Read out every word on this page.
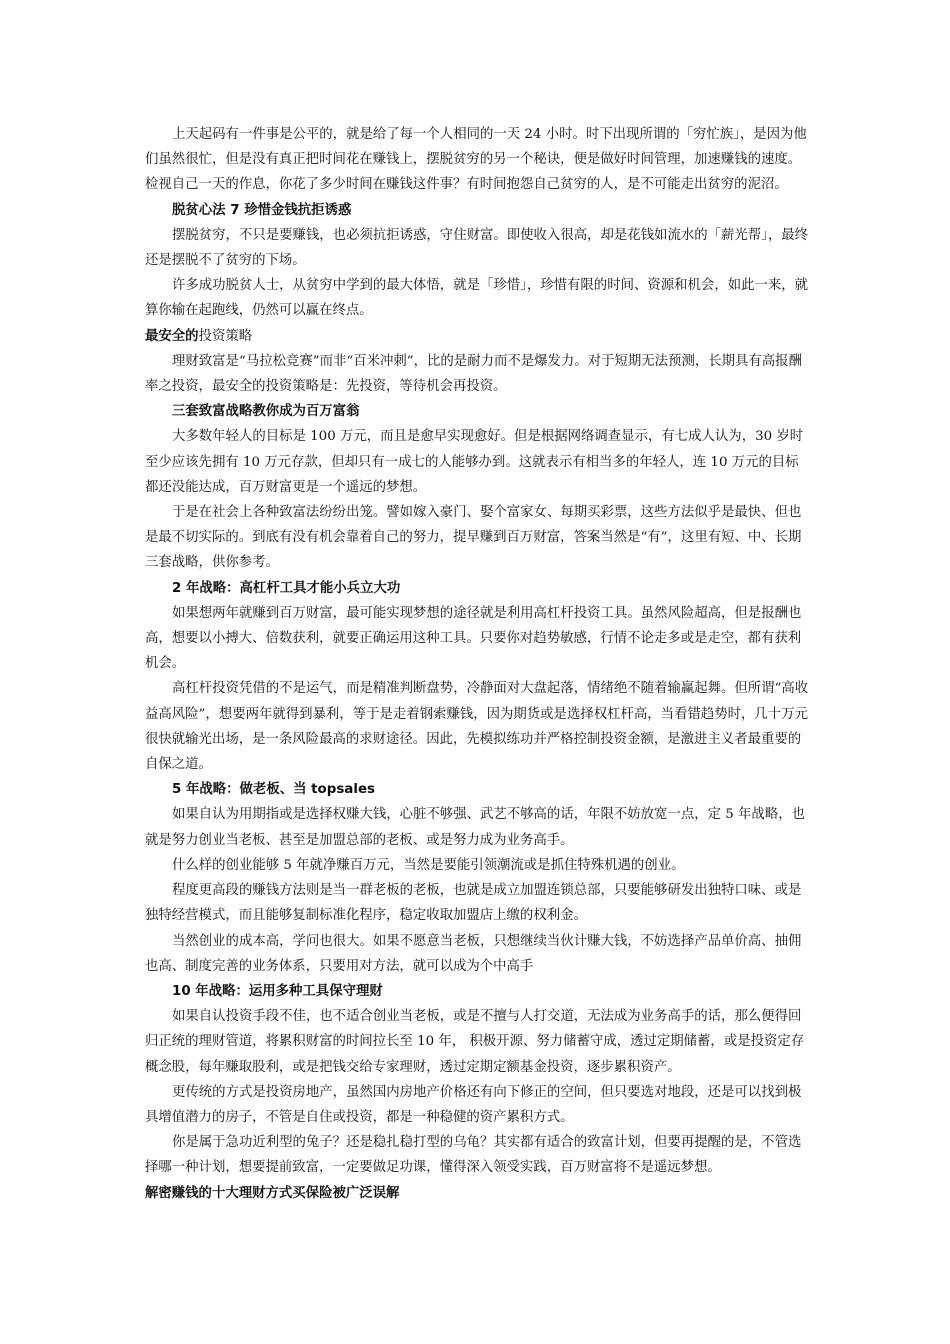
上天起码有一件事是公平的，就是给了每一个人相同的一天 24 小时。时下出现所谓的「穷忙族」，是因为他们虽然很忙，但是没有真正把时间花在赚钱上，摆脱贫穷的另一个秘诀，便是做好时间管理，加速赚钱的速度。检视自己一天的作息，你花了多少时间在赚钱这件事？有时间抱怨自己贫穷的人，是不可能走出贫穷的泥沼。

脱贫心法 7 珍惜金钱抗拒诱惑

摆脱贫穷，不只是要赚钱，也必须抗拒诱惑，守住财富。即使收入很高，却是花钱如流水的「薪光帮」，最终还是摆脱不了贫穷的下场。

许多成功脱贫人士，从贫穷中学到的最大体悟，就是「珍惜」，珍惜有限的时间、资源和机会，如此一来，就算你输在起跑线，仍然可以赢在终点。

最安全的投资策略

理财致富是“马拉松竞赛”而非“百米冲刺”，比的是耐力而不是爆发力。对于短期无法预测，长期具有高报酬率之投资，最安全的投资策略是：先投资，等待机会再投资。

三套致富战略教你成为百万富翁

大多数年轻人的目标是 100 万元，而且是愈早实现愈好。但是根据网络调查显示，有七成人认为，30 岁时至少应该先拥有 10 万元存款，但却只有一成七的人能够办到。这就表示有相当多的年轻人，连 10 万元的目标都还没能达成，百万财富更是一个遥远的梦想。

于是在社会上各种致富法纷纷出笼。譬如嫁入豪门、娶个富家女、每期买彩票，这些方法似乎是最快、但也是最不切实际的。到底有没有机会靠着自己的努力，提早赚到百万财富，答案当然是“有”，这里有短、中、长期三套战略，供你参考。

2 年战略：高杠杆工具才能小兵立大功

如果想两年就赚到百万财富，最可能实现梦想的途径就是利用高杠杆投资工具。虽然风险超高，但是报酬也高，想要以小搏大、倍数获利，就要正确运用这种工具。只要你对趋势敏感，行情不论走多或是走空，都有获利机会。

高杠杆投资凭借的不是运气，而是精准判断盘势，冷静面对大盘起落，情绪绝不随着输赢起舞。但所谓“高收益高风险”，想要两年就得到暴利，等于是走着钢索赚钱，因为期货或是选择权杠杆高，当看错趋势时，几十万元很快就输光出场，是一条风险最高的求财途径。因此，先模拟练功并严格控制投资金额，是激进主义者最重要的自保之道。

5 年战略：做老板、当 topsales

如果自认为用期指或是选择权赚大钱，心脏不够强、武艺不够高的话，年限不妨放宽一点，定 5 年战略，也就是努力创业当老板、甚至是加盟总部的老板、或是努力成为业务高手。

什么样的创业能够 5 年就净赚百万元，当然是要能引领潮流或是抓住特殊机遇的创业。

程度更高段的赚钱方法则是当一群老板的老板，也就是成立加盟连锁总部，只要能够研发出独特口味、或是独特经营模式，而且能够复制标准化程序，稳定收取加盟店上缴的权利金。

当然创业的成本高，学问也很大。如果不愿意当老板，只想继续当伙计赚大钱，不妨选择产品单价高、抽佣也高、制度完善的业务体系，只要用对方法，就可以成为个中高手

10 年战略：运用多种工具保守理财

如果自认投资手段不佳，也不适合创业当老板，或是不擅与人打交道，无法成为业务高手的话，那么便得回归正统的理财管道，将累积财富的时间拉长至 10 年， 积极开源、努力储蓄守成，透过定期储蓄，或是投资定存概念股，每年赚取股利，或是把钱交给专家理财，透过定期定额基金投资，逐步累积资产。

更传统的方式是投资房地产，虽然国内房地产价格还有向下修正的空间，但只要选对地段，还是可以找到极具增值潜力的房子，不管是自住或投资，都是一种稳健的资产累积方式。

你是属于急功近利型的兔子？还是稳扎稳打型的乌龟？其实都有适合的致富计划，但要再提醒的是，不管选择哪一种计划，想要提前致富，一定要做足功课，懂得深入领受实践，百万财富将不是遥远梦想。

解密赚钱的十大理财方式买保险被广泛误解
